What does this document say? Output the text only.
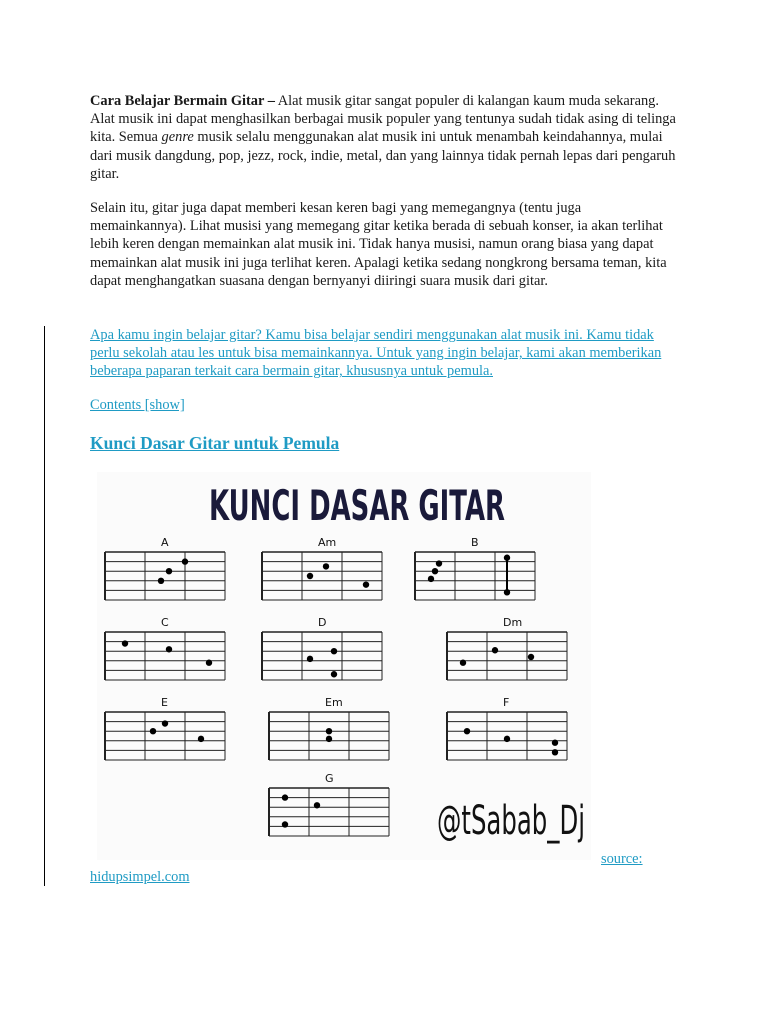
Cara Belajar Bermain Gitar – Alat musik gitar sangat populer di kalangan kaum muda sekarang. Alat musik ini dapat menghasilkan berbagai musik populer yang tentunya sudah tidak asing di telinga kita. Semua genre musik selalu menggunakan alat musik ini untuk menambah keindahannya, mulai dari musik dangdung, pop, jezz, rock, indie, metal, dan yang lainnya tidak pernah lepas dari pengaruh gitar.

Selain itu, gitar juga dapat memberi kesan keren bagi yang memegangnya (tentu juga memainkannya). Lihat musisi yang memegang gitar ketika berada di sebuah konser, ia akan terlihat lebih keren dengan memainkan alat musik ini. Tidak hanya musisi, namun orang biasa yang dapat memainkan alat musik ini juga terlihat keren. Apalagi ketika sedang nongkrong bersama teman, kita dapat menghangatkan suasana dengan bernyanyi diiringi suara musik dari gitar.

Apa kamu ingin belajar gitar? Kamu bisa belajar sendiri menggunakan alat musik ini. Kamu tidak perlu sekolah atau les untuk bisa memainkannya. Untuk yang ingin belajar, kami akan memberikan beberapa paparan terkait cara bermain gitar, khususnya untuk pemula.

Contents [show]
Kunci Dasar Gitar untuk Pemula
KUNCI DASAR GITAR
A	Am	B
C	D	Dm
E	Em	F
G
@tSabab_Dj
source:
hidupsimpel.com
